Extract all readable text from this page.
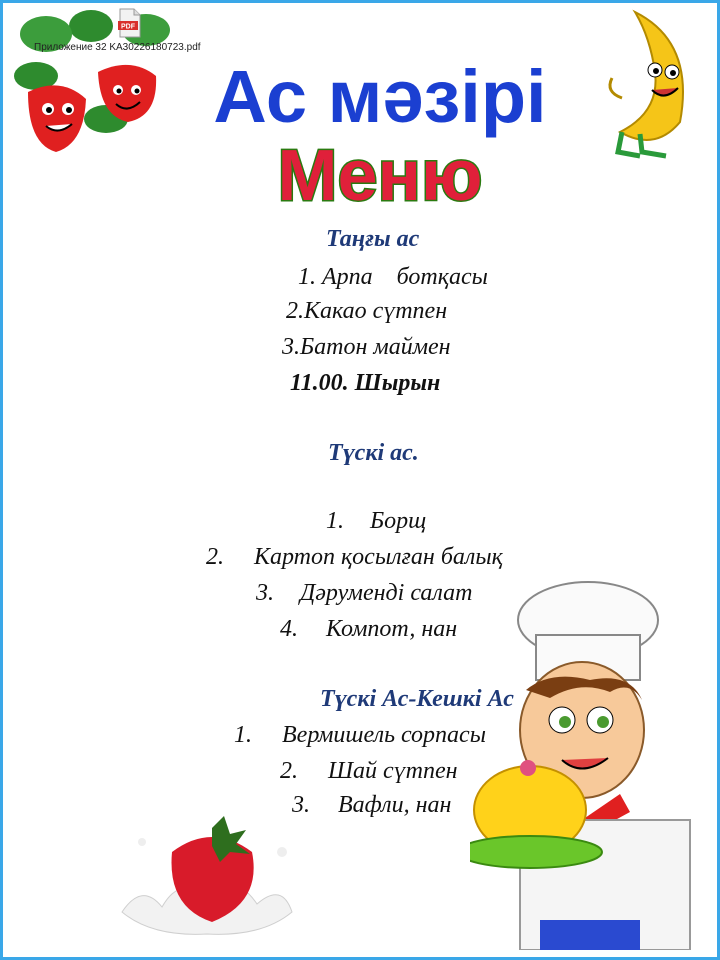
PDF
Приложение 32 KA30226180723.pdf
Ас мәзірі
Меню
Таңғы ас
1. Арпа    ботқасы
2.Какао сүтпен
3.Батон маймен
11.00. Шырын
Түскі ас.
1. Борщ
2. Картоп қосылған балық
3. Дәруменді салат
4. Компот, нан
Түскі Ас-Кешкі Ас
1. Вермишель сорпасы
2. Шай сүтпен
3. Вафли, нан
